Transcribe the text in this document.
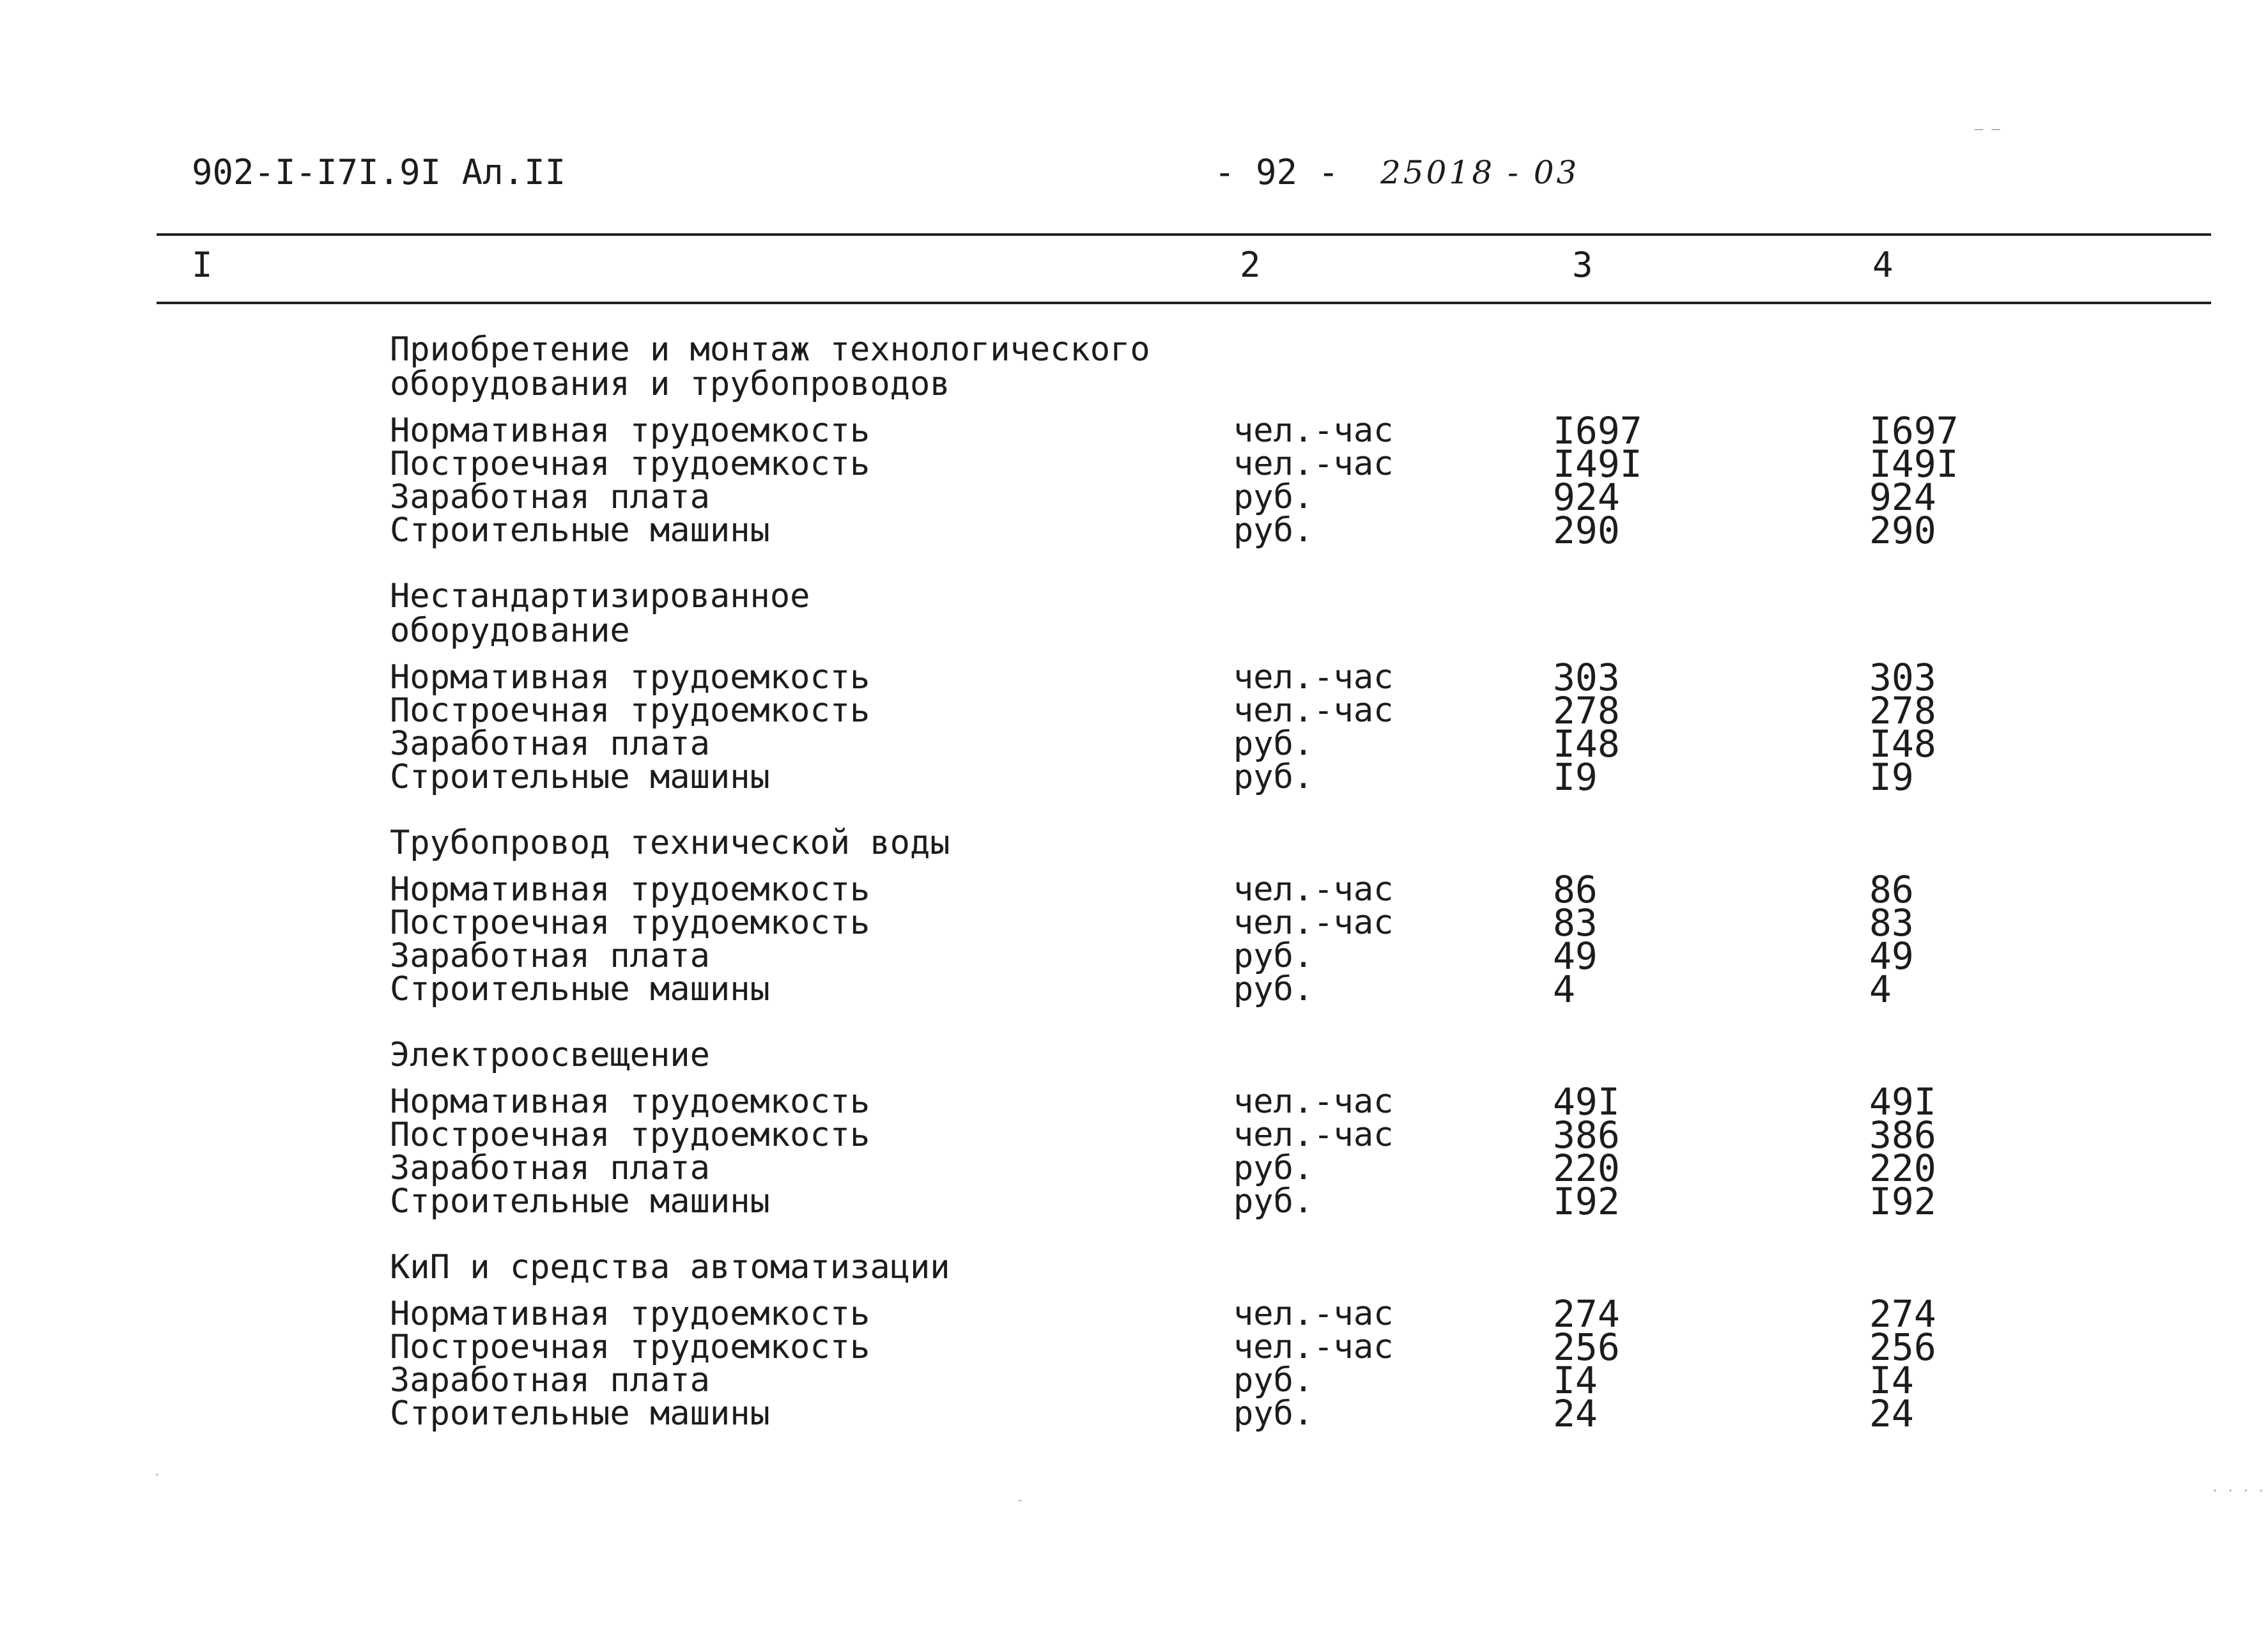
902-I-I7I.9I Ал.II	- 92 - 25018 - 03
‒ ‒
I	2	3	4
Приобретение и монтаж технологического
оборудования и трубопроводов
Нормативная трудоемкость	чел.-час	I697	I697
Построечная трудоемкость	чел.-час	I49I	I49I
Заработная плата	руб.	924	924
Строительные машины	руб.	290	290
Нестандартизированное
оборудование
Нормативная трудоемкость	чел.-час	303	303
Построечная трудоемкость	чел.-час	278	278
Заработная плата	руб.	I48	I48
Строительные машины	руб.	I9	I9
Трубопровод технической воды
Нормативная трудоемкость	чел.-час	86	86
Построечная трудоемкость	чел.-час	83	83
Заработная плата	руб.	49	49
Строительные машины	руб.	4	4
Электроосвещение
Нормативная трудоемкость	чел.-час	49I	49I
Построечная трудоемкость	чел.-час	386	386
Заработная плата	руб.	220	220
Строительные машины	руб.	I92	I92
КиП и средства автоматизации
Нормативная трудоемкость	чел.-час	274	274
Построечная трудоемкость	чел.-час	256	256
Заработная плата	руб.	I4	I4
Строительные машины	руб.	24	24
-
. . . .
.
